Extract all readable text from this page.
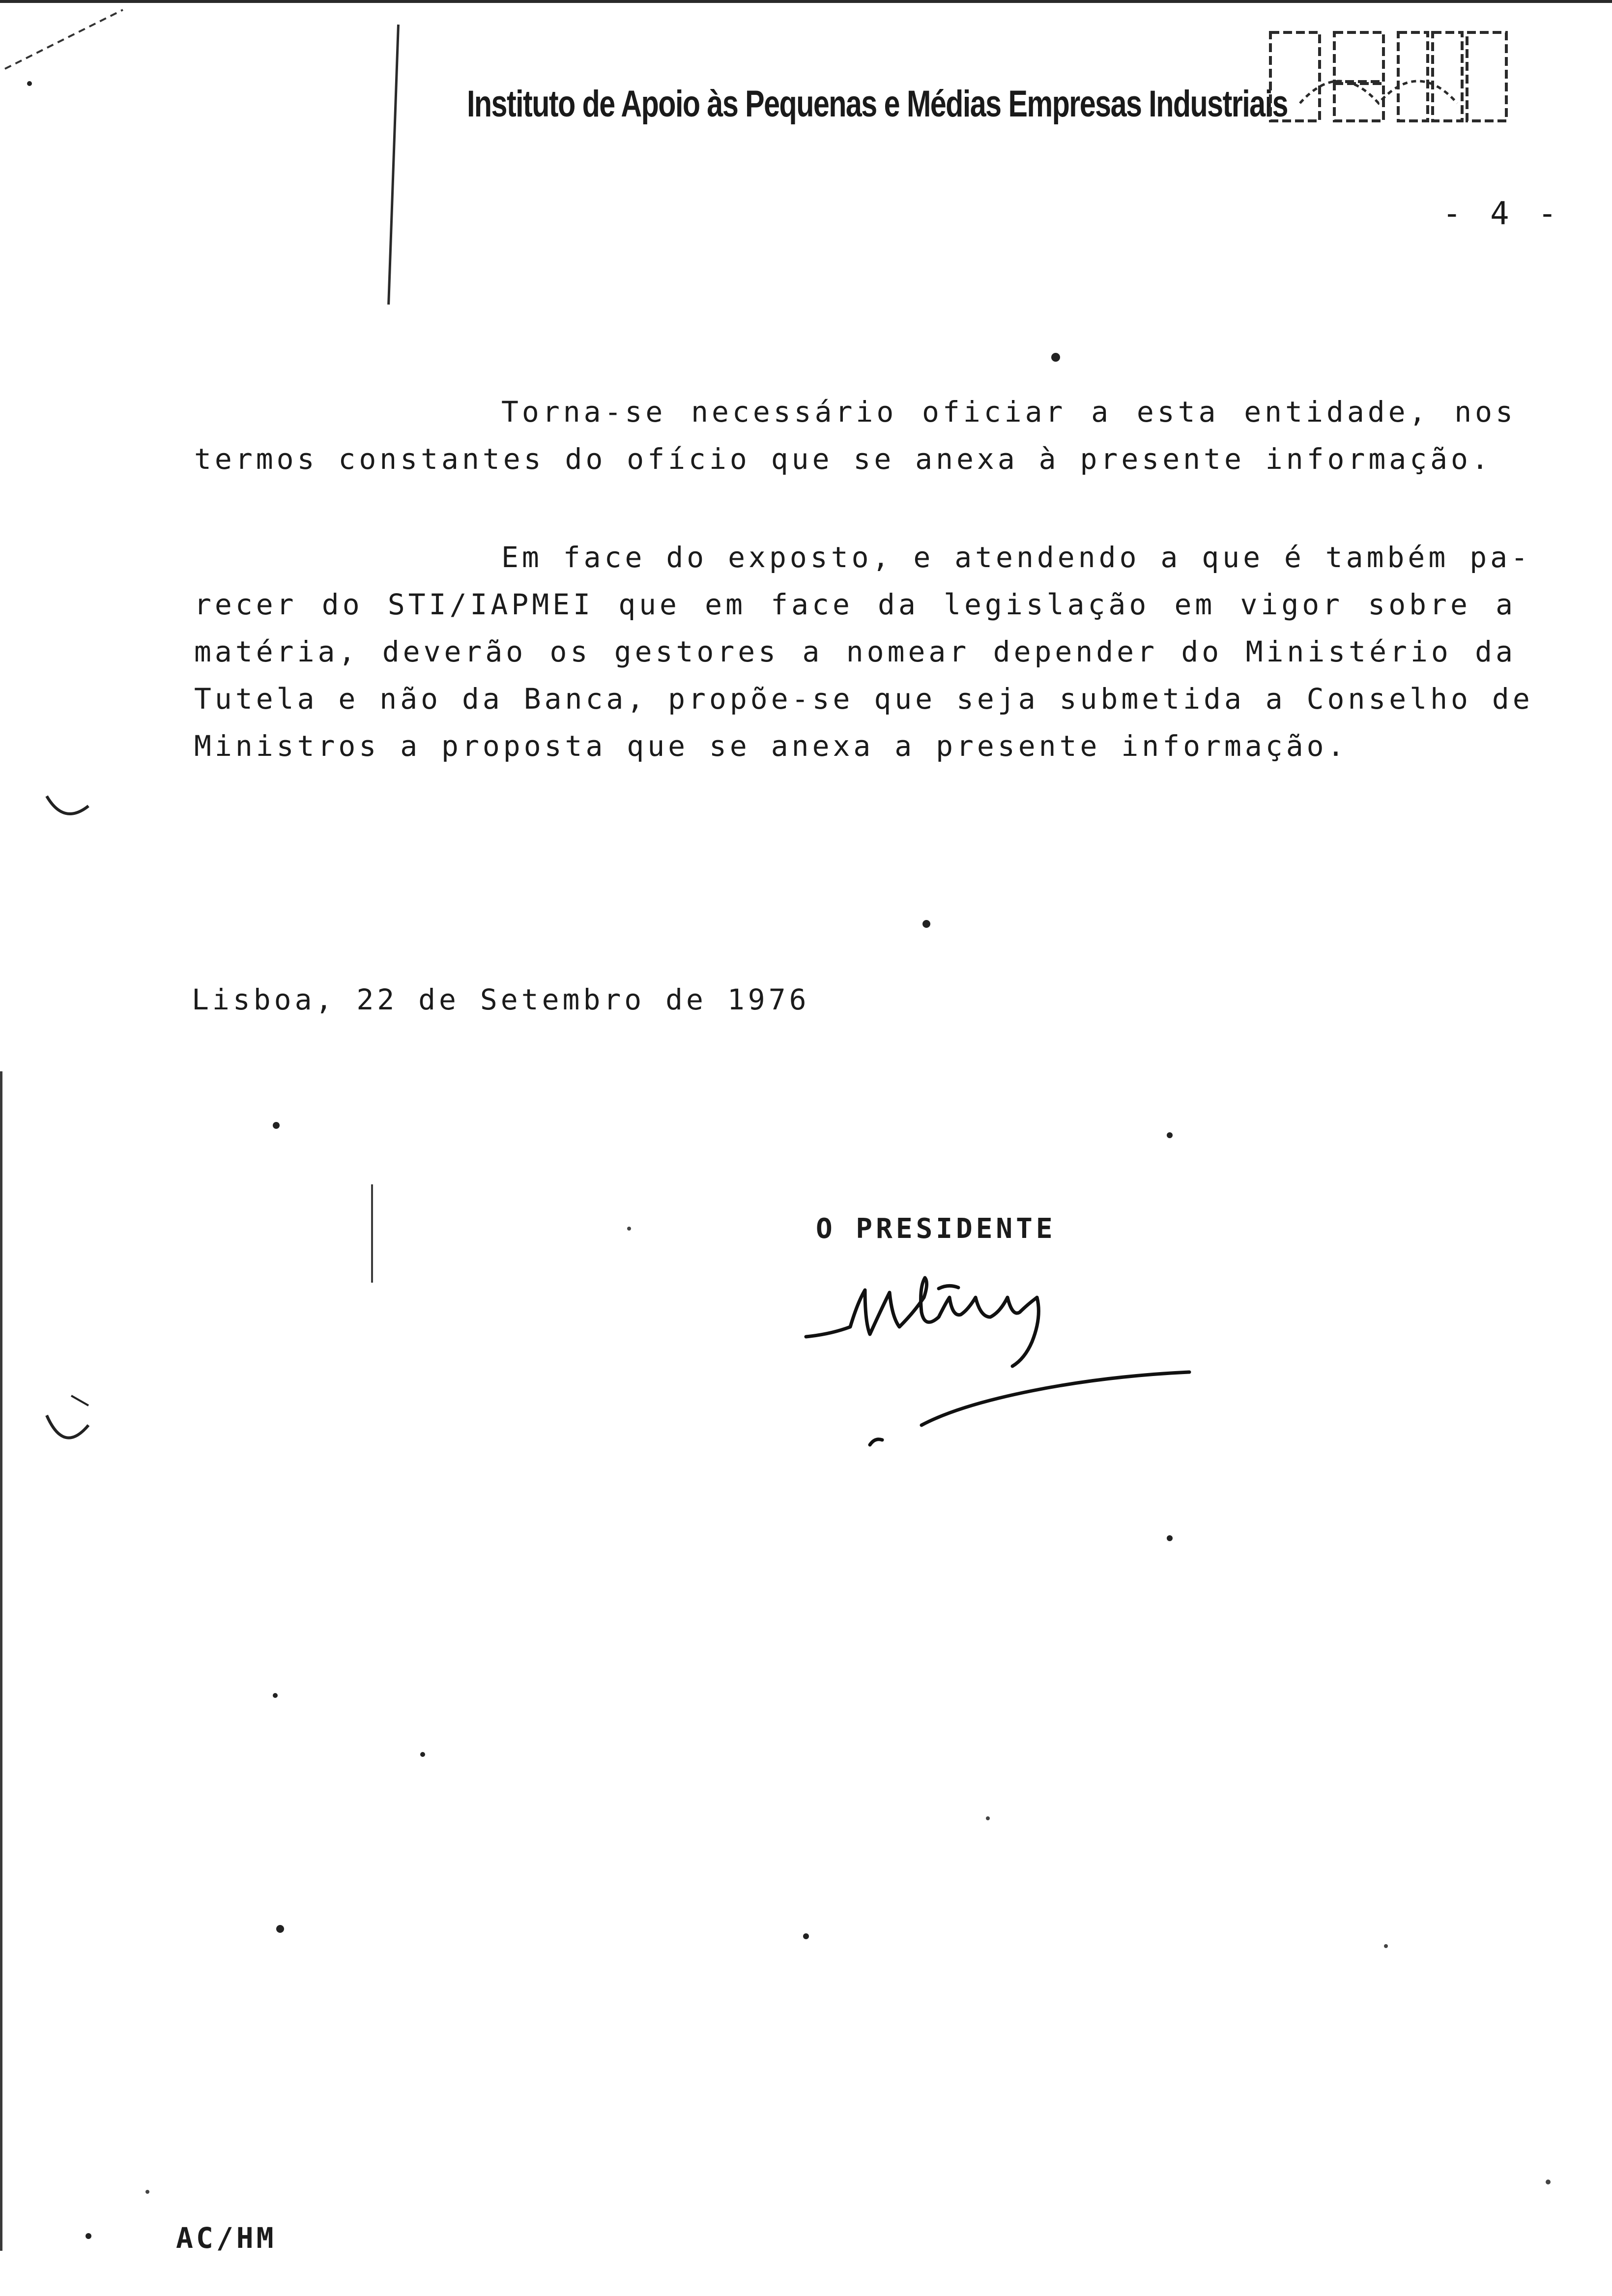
Instituto de Apoio às Pequenas e Médias Empresas Industriais
- 4 -
Torna-se necessário oficiar a esta entidade, nos
termos constantes do ofício que se anexa à presente informação.
Em face do exposto, e atendendo a que é também pa-
recer do STI/IAPMEI que em face da legislação em vigor sobre a
matéria, deverão os gestores a nomear depender do Ministério da
Tutela e não da Banca, propõe-se que seja submetida a Conselho de
Ministros a proposta que se anexa a presente informação.
Lisboa, 22 de Setembro de 1976
O PRESIDENTE
AC/HM
